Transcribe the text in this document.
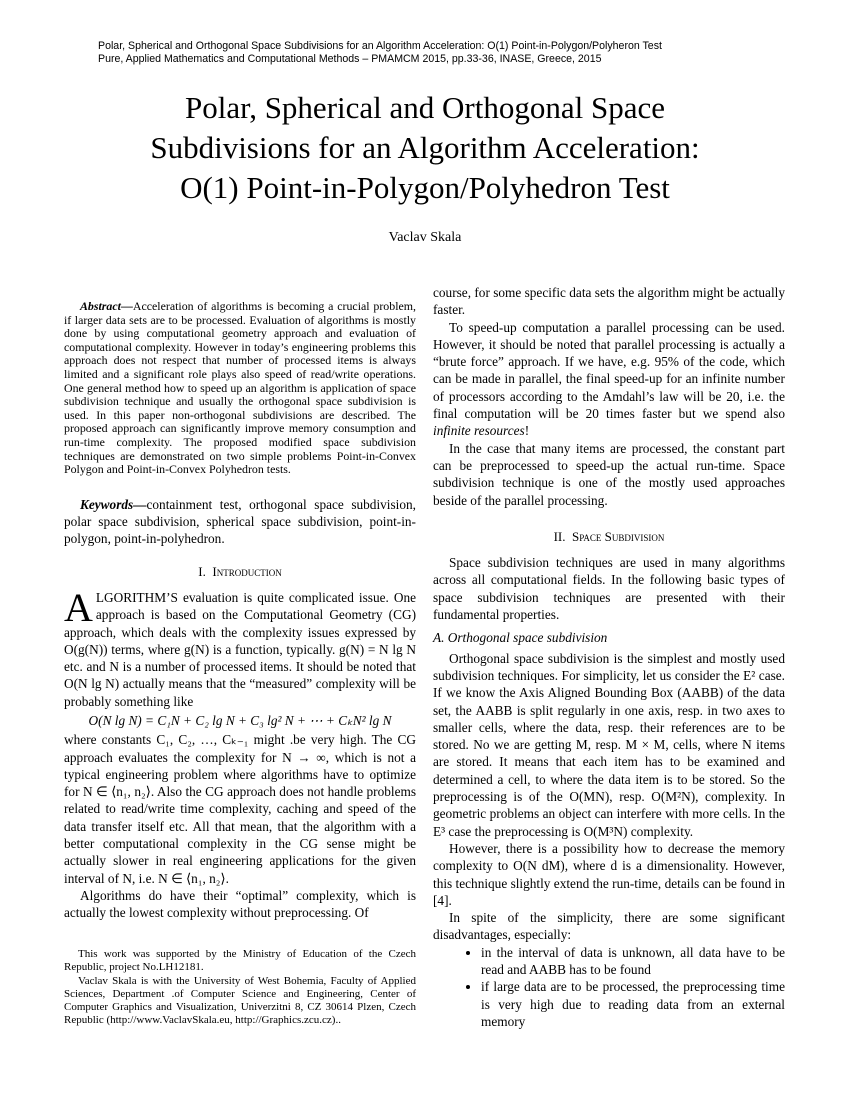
Polar, Spherical and Orthogonal Space Subdivisions for an Algorithm Acceleration: O(1) Point-in-Polygon/Polyheron Test
Pure, Applied Mathematics and Computational Methods – PMAMCM 2015, pp.33-36, INASE, Greece, 2015
Polar, Spherical and Orthogonal Space
Subdivisions for an Algorithm Acceleration:
O(1) Point-in-Polygon/Polyhedron Test
Vaclav Skala

Abstract—Acceleration of algorithms is becoming a crucial problem, if larger data sets are to be processed. Evaluation of algorithms is mostly done by using computational geometry approach and evaluation of computational complexity. However in today’s engineering problems this approach does not respect that number of processed items is always limited and a significant role plays also speed of read/write operations. One general method how to speed up an algorithm is application of space subdivision technique and usually the orthogonal space subdivision is used. In this paper non-orthogonal subdivisions are described. The proposed approach can significantly improve memory consumption and run-time complexity. The proposed modified space subdivision techniques are demonstrated on two simple problems Point-in-Convex Polygon and Point-in-Convex Polyhedron tests.

Keywords—containment test, orthogonal space subdivision, polar space subdivision, spherical space subdivision, point-in-polygon, point-in-polyhedron.

I. Introduction

ALGORITHM’S evaluation is quite complicated issue. One approach is based on the Computational Geometry (CG) approach, which deals with the complexity issues expressed by O(g(N)) terms, where g(N) is a function, typically. g(N) = N lg N etc. and N is a number of processed items. It should be noted that O(N lg N) actually means that the “measured” complexity will be probably something like

O(N lg N) = C₁N + C₂ lg N + C₃ lg² N + ⋯ + CₖN² lg N

where constants C₁, C₂, …, Cₖ₋₁ might .be very high. The CG approach evaluates the complexity for N → ∞, which is not a typical engineering problem where algorithms have to optimize for N ∈ ⟨n₁, n₂⟩. Also the CG approach does not handle problems related to read/write time complexity, caching and speed of the data transfer itself etc. All that mean, that the algorithm with a better computational complexity in the CG sense might be actually slower in real engineering applications for the given interval of N, i.e. N ∈ ⟨n₁, n₂⟩.

Algorithms do have their “optimal” complexity, which is actually the lowest complexity without preprocessing. Of

This work was supported by the Ministry of Education of the Czech Republic, project No.LH12181.

Vaclav Skala is with the University of West Bohemia, Faculty of Applied Sciences, Department .of Computer Science and Engineering, Center of Computer Graphics and Visualization, Univerzitni 8, CZ 30614 Plzen, Czech Republic (http://www.VaclavSkala.eu, http://Graphics.zcu.cz)..

course, for some specific data sets the algorithm might be actually faster.

To speed-up computation a parallel processing can be used. However, it should be noted that parallel processing is actually a “brute force” approach. If we have, e.g. 95% of the code, which can be made in parallel, the final speed-up for an infinite number of processors according to the Amdahl’s law will be 20, i.e. the final computation will be 20 times faster but we spend also infinite resources!

In the case that many items are processed, the constant part can be preprocessed to speed-up the actual run-time. Space subdivision technique is one of the mostly used approaches beside of the parallel processing.

II. Space Subdivision

Space subdivision techniques are used in many algorithms across all computational fields. In the following basic types of space subdivision techniques are presented with their fundamental properties.

A. Orthogonal space subdivision

Orthogonal space subdivision is the simplest and mostly used subdivision techniques. For simplicity, let us consider the E² case. If we know the Axis Aligned Bounding Box (AABB) of the data set, the AABB is split regularly in one axis, resp. in two axes to smaller cells, where the data, resp. their references are to be stored. No we are getting M, resp. M × M, cells, where N items are stored. It means that each item has to be examined and determined a cell, to where the data item is to be stored. So the preprocessing is of the O(MN), resp. O(M²N), complexity. In geometric problems an object can interfere with more cells. In the E³ case the preprocessing is O(M³N) complexity.

However, there is a possibility how to decrease the memory complexity to O(N dM), where d is a dimensionality. However, this technique slightly extend the run-time, details can be found in [4].

In spite of the simplicity, there are some significant disadvantages, especially:

• in the interval of data is unknown, all data have to be read and AABB has to be found
• if large data are to be processed, the preprocessing time is very high due to reading data from an external memory
